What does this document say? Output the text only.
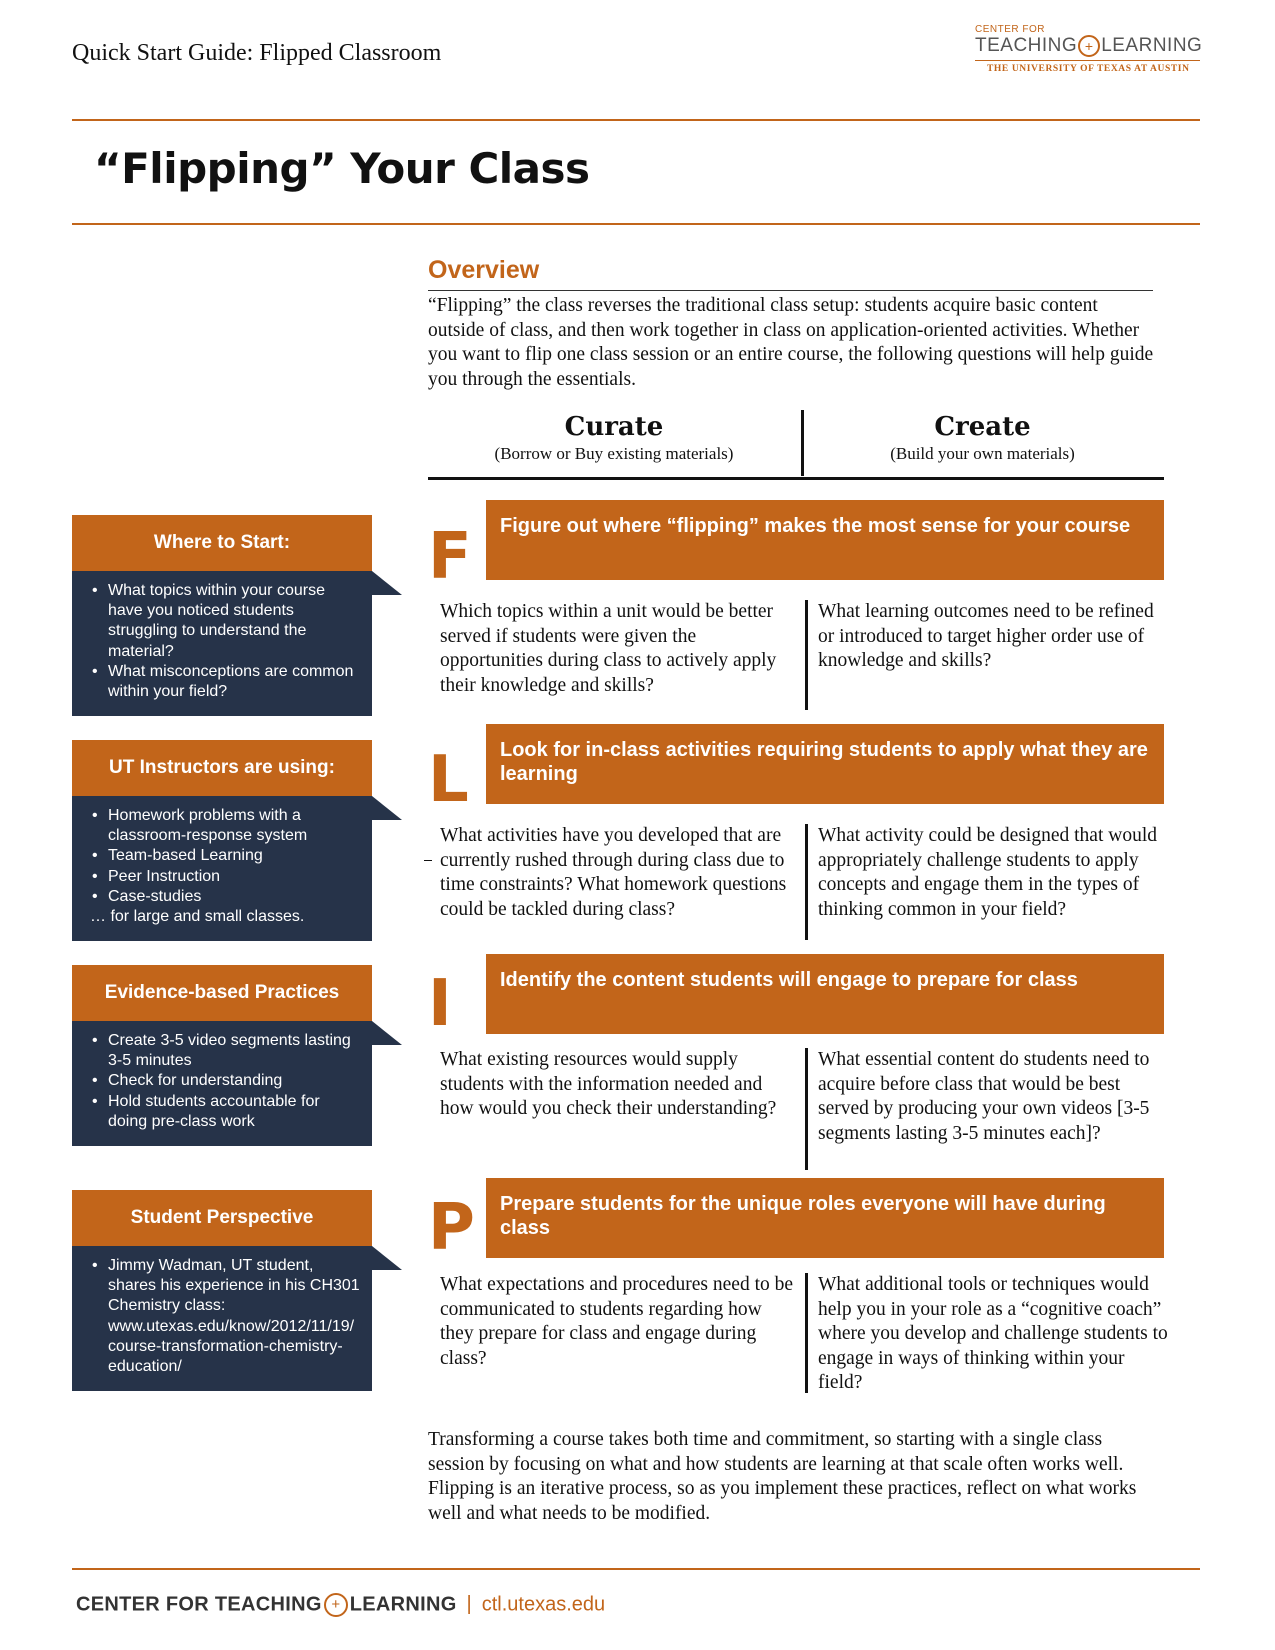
Quick Start Guide: Flipped Classroom
CENTER FOR
TEACHING + LEARNING
THE UNIVERSITY OF TEXAS AT AUSTIN
“Flipping” Your Class
Overview
“Flipping” the class reverses the traditional class setup: students acquire basic content outside of class, and then work together in class on application-oriented activities. Whether you want to flip one class session or an entire course, the following questions will help guide you through the essentials.
Curate
(Borrow or Buy existing materials)
Create
(Build your own materials)
Where to Start:
• What topics within your course have you noticed students struggling to understand the material?
• What misconceptions are common within your field?
UT Instructors are using:
• Homework problems with a classroom-response system
• Team-based Learning
• Peer Instruction
• Case-studies
… for large and small classes.
Evidence-based Practices
• Create 3-5 video segments lasting 3-5 minutes
• Check for understanding
• Hold students accountable for doing pre-class work
Student Perspective
• Jimmy Wadman, UT student, shares his experience in his CH301 Chemistry class: www.utexas.edu/know/2012/11/19/course-transformation-chemistry-education/
F	Figure out where “flipping” makes the most sense for your course
Which topics within a unit would be better served if students were given the opportunities during class to actively apply their knowledge and skills?
What learning outcomes need to be refined or introduced to target higher order use of knowledge and skills?
L	Look for in-class activities requiring students to apply what they are learning
What activities have you developed that are currently rushed through during class due to time constraints? What homework questions could be tackled during class?
What activity could be designed that would appropriately challenge students to apply concepts and engage them in the types of thinking common in your field?
I	Identify the content students will engage to prepare for class
What existing resources would supply students with the information needed and how would you check their understanding?
What essential content do students need to acquire before class that would be best served by producing your own videos [3-5 segments lasting 3-5 minutes each]?
P	Prepare students for the unique roles everyone will have during class
What expectations and procedures need to be communicated to students regarding how they prepare for class and engage during class?
What additional tools or techniques would help you in your role as a “cognitive coach” where you develop and challenge students to engage in ways of thinking within your field?
Transforming a course takes both time and commitment, so starting with a single class session by focusing on what and how students are learning at that scale often works well. Flipping is an iterative process, so as you implement these practices, reflect on what works well and what needs to be modified.
CENTER FOR TEACHING + LEARNING | ctl.utexas.edu
